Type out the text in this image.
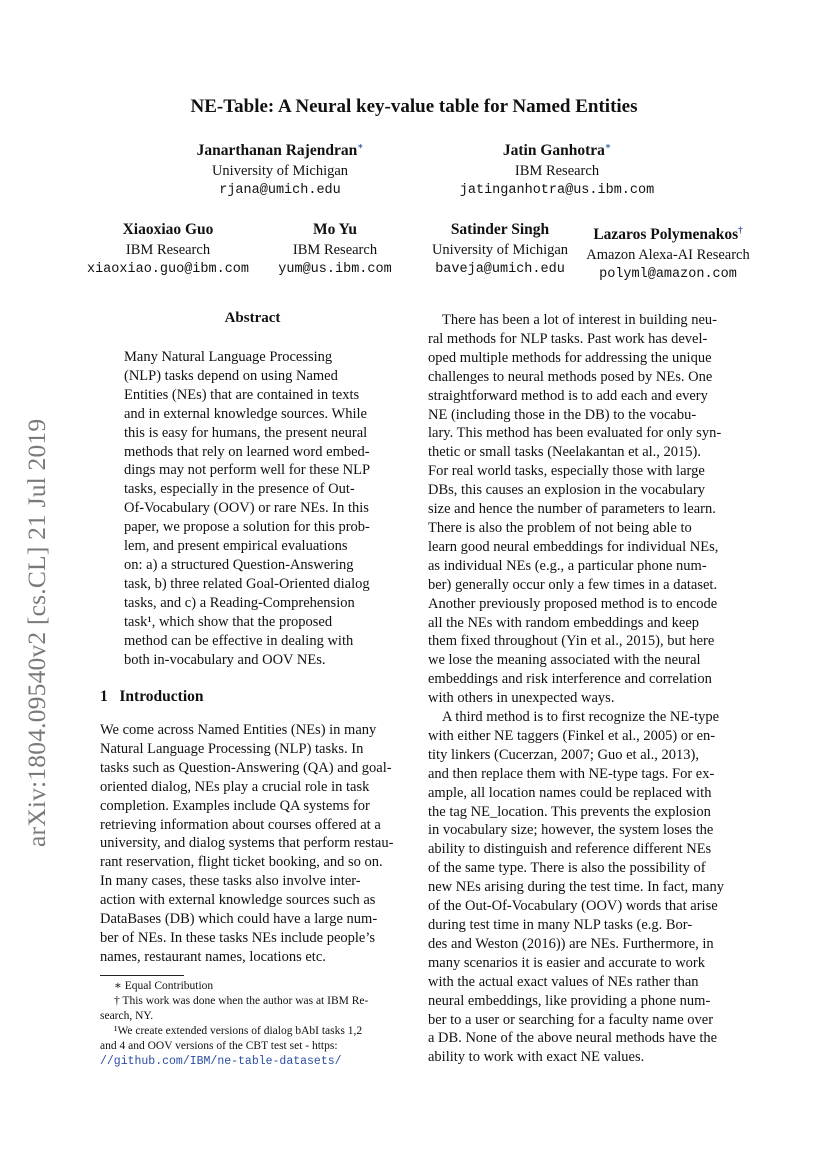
arXiv:1804.09540v2 [cs.CL] 21 Jul 2019
NE-Table: A Neural key-value table for Named Entities
Janarthanan Rajendran∗
University of Michigan
rjana@umich.edu
Jatin Ganhotra∗
IBM Research
jatinganhotra@us.ibm.com
Xiaoxiao Guo
IBM Research
xiaoxiao.guo@ibm.com
Mo Yu
IBM Research
yum@us.ibm.com
Satinder Singh
University of Michigan
baveja@umich.edu
Lazaros Polymenakos†
Amazon Alexa-AI Research
polyml@amazon.com
Abstract

Many Natural Language Processing

(NLP) tasks depend on using Named

Entities (NEs) that are contained in texts

and in external knowledge sources. While

this is easy for humans, the present neural

methods that rely on learned word embed-

dings may not perform well for these NLP

tasks, especially in the presence of Out-

Of-Vocabulary (OOV) or rare NEs. In this

paper, we propose a solution for this prob-

lem, and present empirical evaluations

on: a) a structured Question-Answering

task, b) three related Goal-Oriented dialog

tasks, and c) a Reading-Comprehension

task¹, which show that the proposed

method can be effective in dealing with

both in-vocabulary and OOV NEs.

1 Introduction

We come across Named Entities (NEs) in many

Natural Language Processing (NLP) tasks. In

tasks such as Question-Answering (QA) and goal-

oriented dialog, NEs play a crucial role in task

completion. Examples include QA systems for

retrieving information about courses offered at a

university, and dialog systems that perform restau-

rant reservation, flight ticket booking, and so on.

In many cases, these tasks also involve inter-

action with external knowledge sources such as

DataBases (DB) which could have a large num-

ber of NEs. In these tasks NEs include people’s

names, restaurant names, locations etc.

∗ Equal Contribution
† This work was done when the author was at IBM Re-
search, NY.
¹We create extended versions of dialog bAbI tasks 1,2
and 4 and OOV versions of the CBT test set - https:
//github.com/IBM/ne-table-datasets/

There has been a lot of interest in building neu-

ral methods for NLP tasks. Past work has devel-

oped multiple methods for addressing the unique

challenges to neural methods posed by NEs. One

straightforward method is to add each and every

NE (including those in the DB) to the vocabu-

lary. This method has been evaluated for only syn-

thetic or small tasks (Neelakantan et al., 2015).

For real world tasks, especially those with large

DBs, this causes an explosion in the vocabulary

size and hence the number of parameters to learn.

There is also the problem of not being able to

learn good neural embeddings for individual NEs,

as individual NEs (e.g., a particular phone num-

ber) generally occur only a few times in a dataset.

Another previously proposed method is to encode

all the NEs with random embeddings and keep

them fixed throughout (Yin et al., 2015), but here

we lose the meaning associated with the neural

embeddings and risk interference and correlation

with others in unexpected ways.

A third method is to first recognize the NE-type

with either NE taggers (Finkel et al., 2005) or en-

tity linkers (Cucerzan, 2007; Guo et al., 2013),

and then replace them with NE-type tags. For ex-

ample, all location names could be replaced with

the tag NE_location. This prevents the explosion

in vocabulary size; however, the system loses the

ability to distinguish and reference different NEs

of the same type. There is also the possibility of

new NEs arising during the test time. In fact, many

of the Out-Of-Vocabulary (OOV) words that arise

during test time in many NLP tasks (e.g. Bor-

des and Weston (2016)) are NEs. Furthermore, in

many scenarios it is easier and accurate to work

with the actual exact values of NEs rather than

neural embeddings, like providing a phone num-

ber to a user or searching for a faculty name over

a DB. None of the above neural methods have the

ability to work with exact NE values.
